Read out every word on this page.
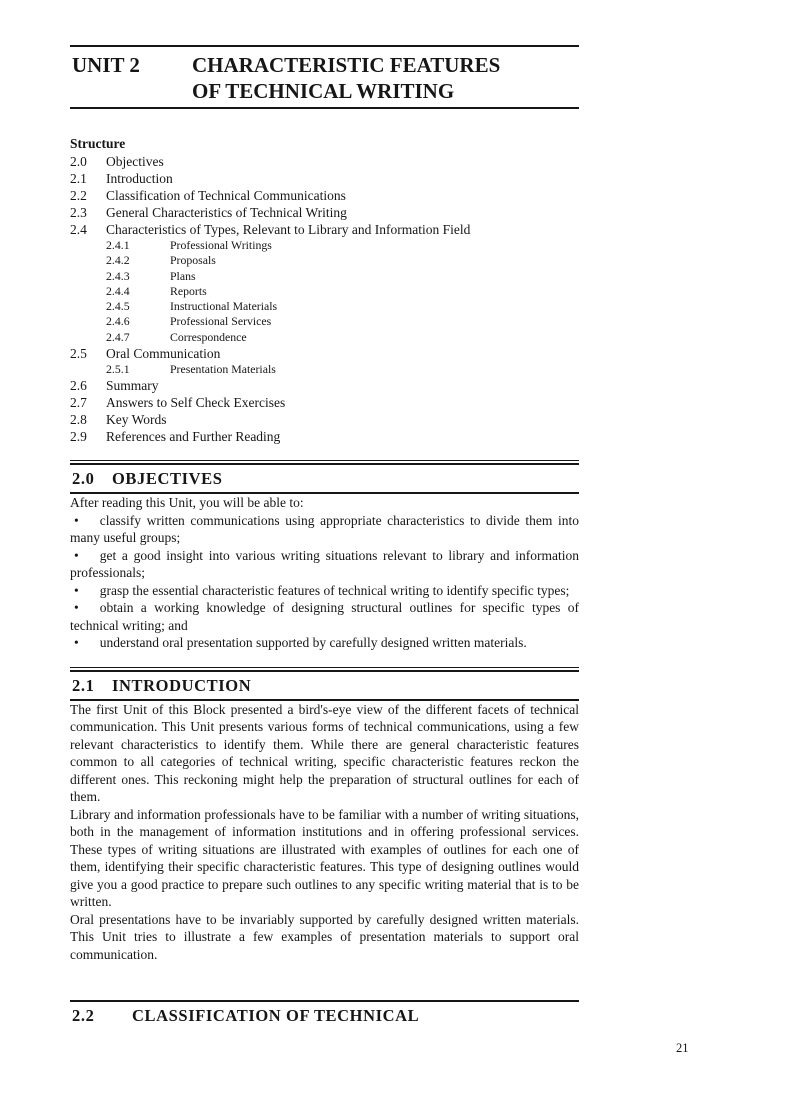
UNIT 2	CHARACTERISTIC FEATURES
OF TECHNICAL WRITING
Structure
2.0	Objectives
2.1	Introduction
2.2	Classification of Technical Communications
2.3	General Characteristics of Technical Writing
2.4	Characteristics of Types, Relevant to Library and Information Field
2.4.1	Professional Writings
2.4.2	Proposals
2.4.3	Plans
2.4.4	Reports
2.4.5	Instructional Materials
2.4.6	Professional Services
2.4.7	Correspondence
2.5	Oral Communication
2.5.1	Presentation Materials
2.6	Summary
2.7	Answers to Self Check Exercises
2.8	Key Words
2.9	References and Further Reading
2.0	OBJECTIVES

After reading this Unit, you will be able to:

• classify written communications using appropriate characteristics to divide them into many useful groups;

• get a good insight into various writing situations relevant to library and information professionals;

• grasp the essential characteristic features of technical writing to identify specific types;

• obtain a working knowledge of designing structural outlines for specific types of technical writing; and

• understand oral presentation supported by carefully designed written materials.

2.1	INTRODUCTION

The first Unit of this Block presented a bird's-eye view of the different facets of technical communication. This Unit presents various forms of technical communications, using a few relevant characteristics to identify them. While there are general characteristic features common to all categories of technical writing, specific characteristic features reckon the different ones. This reckoning might help the preparation of structural outlines for each of them.

Library and information professionals have to be familiar with a number of writing situations, both in the management of information institutions and in offering professional services. These types of writing situations are illustrated with examples of outlines for each one of them, identifying their specific characteristic features. This type of designing outlines would give you a good practice to prepare such outlines to any specific writing material that is to be written.

Oral presentations have to be invariably supported by carefully designed written materials. This Unit tries to illustrate a few examples of presentation materials to support oral communication.

2.2	CLASSIFICATION OF TECHNICAL
21
